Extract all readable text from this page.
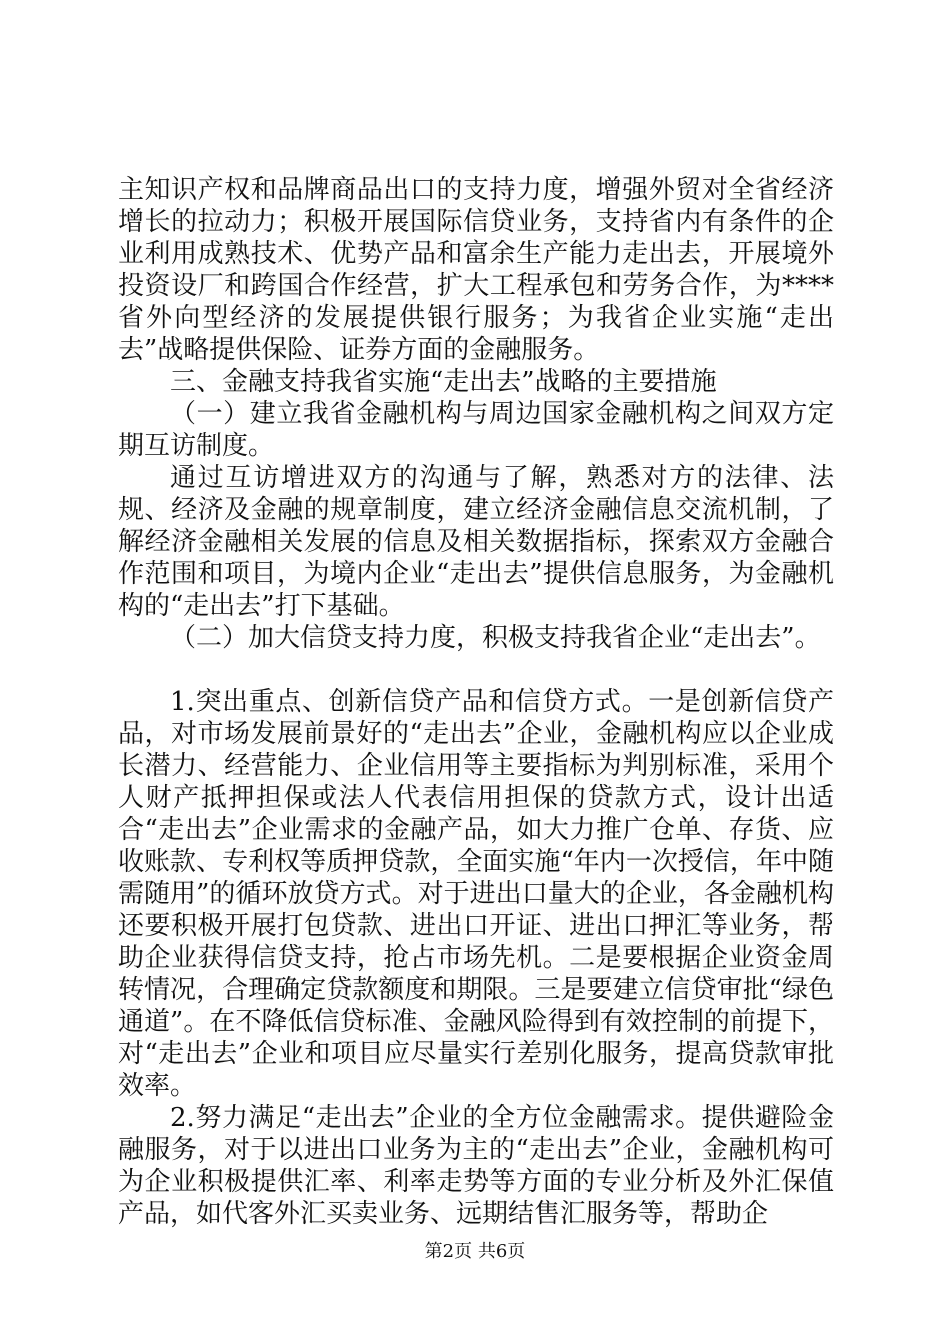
主知识产权和品牌商品出口的支持力度，增强外贸对全省经济增长的拉动力；积极开展国际信贷业务，支持省内有条件的企业利用成熟技术、优势产品和富余生产能力走出去，开展境外投资设厂和跨国合作经营，扩大工程承包和劳务合作，为****省外向型经济的发展提供银行服务；为我省企业实施“走出去”战略提供保险、证券方面的金融服务。

三、金融支持我省实施“走出去”战略的主要措施

（一）建立我省金融机构与周边国家金融机构之间双方定期互访制度。

通过互访增进双方的沟通与了解，熟悉对方的法律、法规、经济及金融的规章制度，建立经济金融信息交流机制，了解经济金融相关发展的信息及相关数据指标，探索双方金融合作范围和项目，为境内企业“走出去”提供信息服务，为金融机构的“走出去”打下基础。

（二）加大信贷支持力度，积极支持我省企业“走出去”。

1.突出重点、创新信贷产品和信贷方式。一是创新信贷产品，对市场发展前景好的“走出去”企业，金融机构应以企业成长潜力、经营能力、企业信用等主要指标为判别标准，采用个人财产抵押担保或法人代表信用担保的贷款方式，设计出适合“走出去”企业需求的金融产品，如大力推广仓单、存货、应收账款、专利权等质押贷款，全面实施“年内一次授信，年中随需随用”的循环放贷方式。对于进出口量大的企业，各金融机构还要积极开展打包贷款、进出口开证、进出口押汇等业务，帮助企业获得信贷支持，抢占市场先机。二是要根据企业资金周转情况，合理确定贷款额度和期限。三是要建立信贷审批“绿色通道”。在不降低信贷标准、金融风险得到有效控制的前提下，对“走出去”企业和项目应尽量实行差别化服务，提高贷款审批效率。

2.努力满足“走出去”企业的全方位金融需求。提供避险金融服务，对于以进出口业务为主的“走出去”企业，金融机构可为企业积极提供汇率、利率走势等方面的专业分析及外汇保值产品，如代客外汇买卖业务、远期结售汇服务等，帮助企

第2页 共6页
